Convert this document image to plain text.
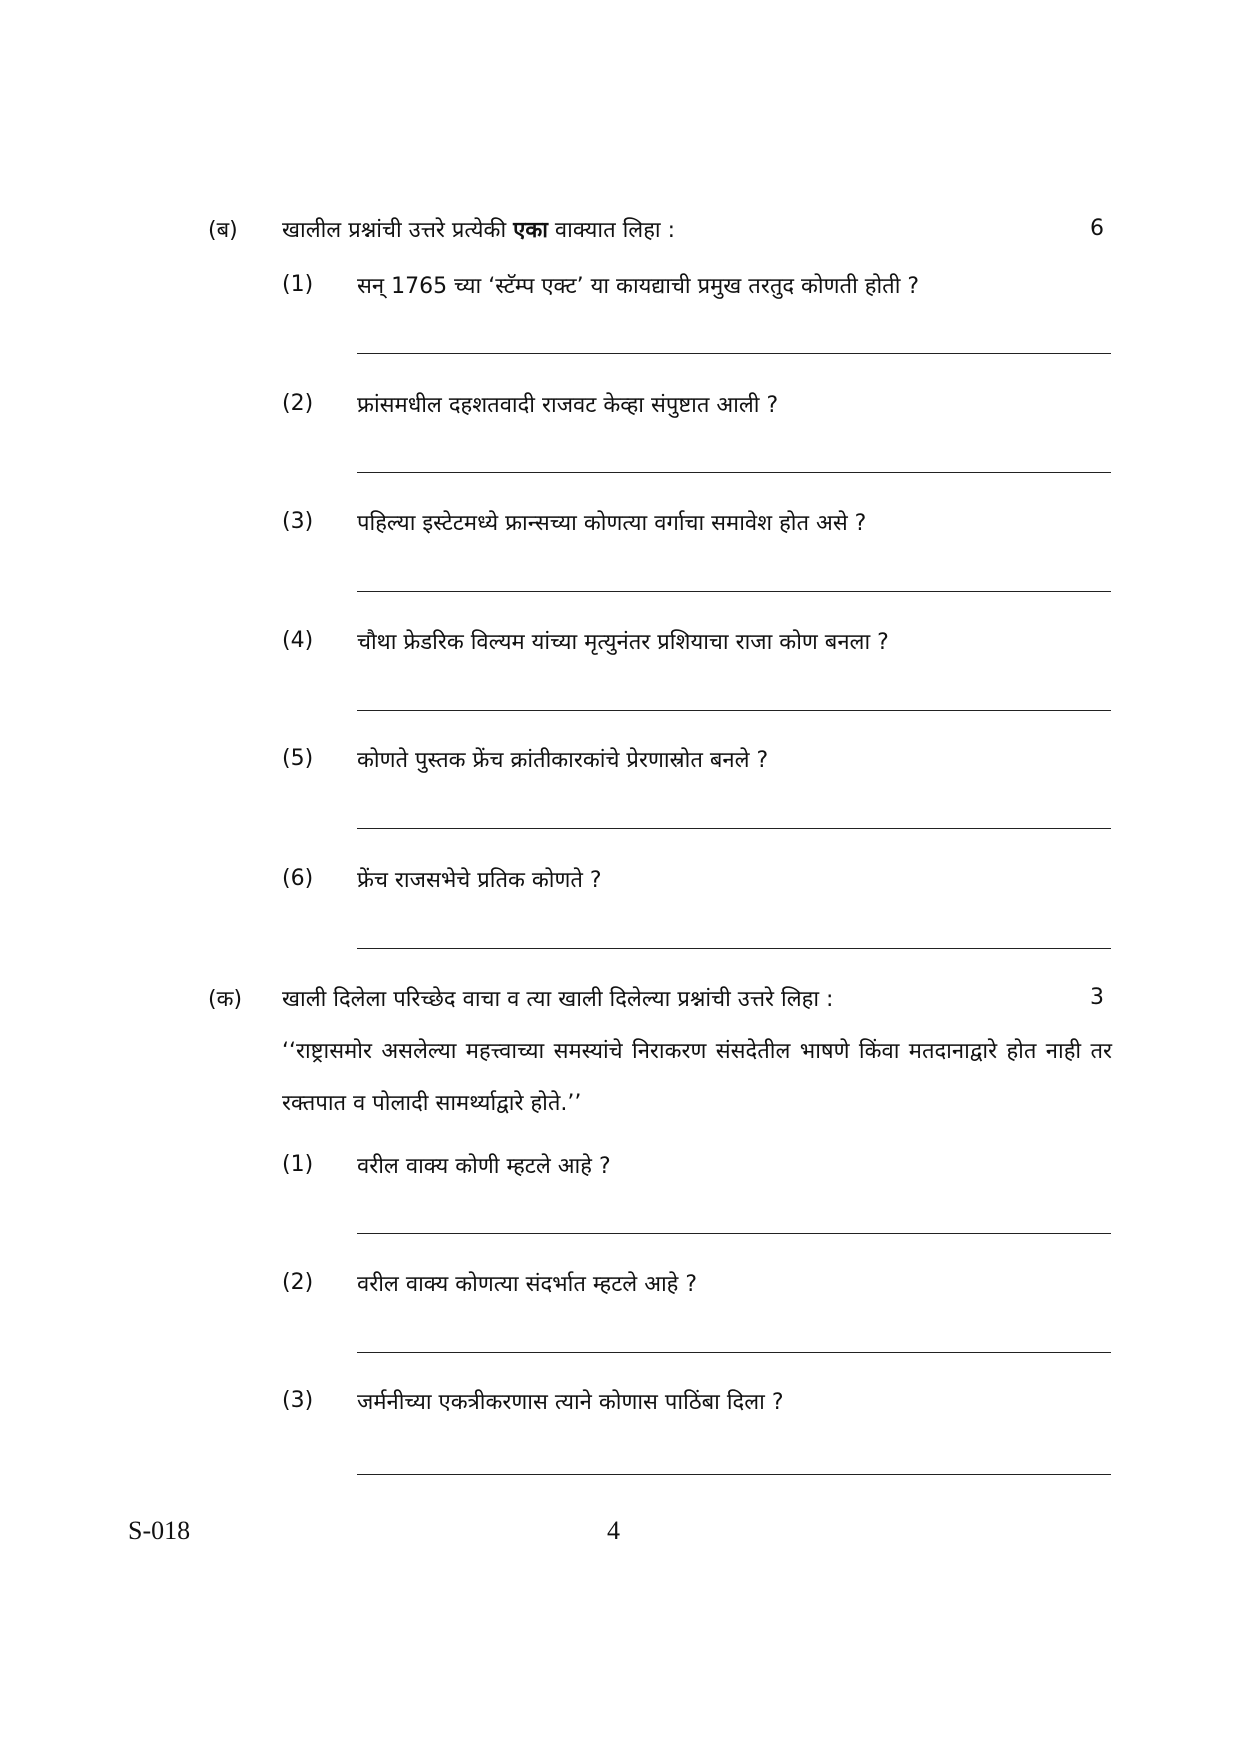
(ब) खालील प्रश्नांची उत्तरे प्रत्येकी एका वाक्यात लिहा :	6
(1) सन् 1765 च्या ‘स्टॅम्प एक्ट’ या कायद्याची प्रमुख तरतुद कोणती होती ?
(2) फ्रांसमधील दहशतवादी राजवट केव्हा संपुष्टात आली ?
(3) पहिल्या इस्टेटमध्ये फ्रान्सच्या कोणत्या वर्गाचा समावेश होत असे ?
(4) चौथा फ्रेडरिक विल्यम यांच्या मृत्युनंतर प्रशियाचा राजा कोण बनला ?
(5) कोणते पुस्तक फ्रेंच क्रांतीकारकांचे प्रेरणास्रोत बनले ?
(6) फ्रेंच राजसभेचे प्रतिक कोणते ?
(क) खाली दिलेला परिच्छेद वाचा व त्या खाली दिलेल्या प्रश्नांची उत्तरे लिहा :	3
‘‘राष्ट्रासमोर असलेल्या महत्त्वाच्या समस्यांचे निराकरण संसदेतील भाषणे किंवा मतदानाद्वारे होत नाही तर रक्तपात व पोलादी सामर्थ्याद्वारे होते.’’
(1) वरील वाक्य कोणी म्हटले आहे ?
(2) वरील वाक्य कोणत्या संदर्भात म्हटले आहे ?
(3) जर्मनीच्या एकत्रीकरणास त्याने कोणास पाठिंबा दिला ?
S-018	4
